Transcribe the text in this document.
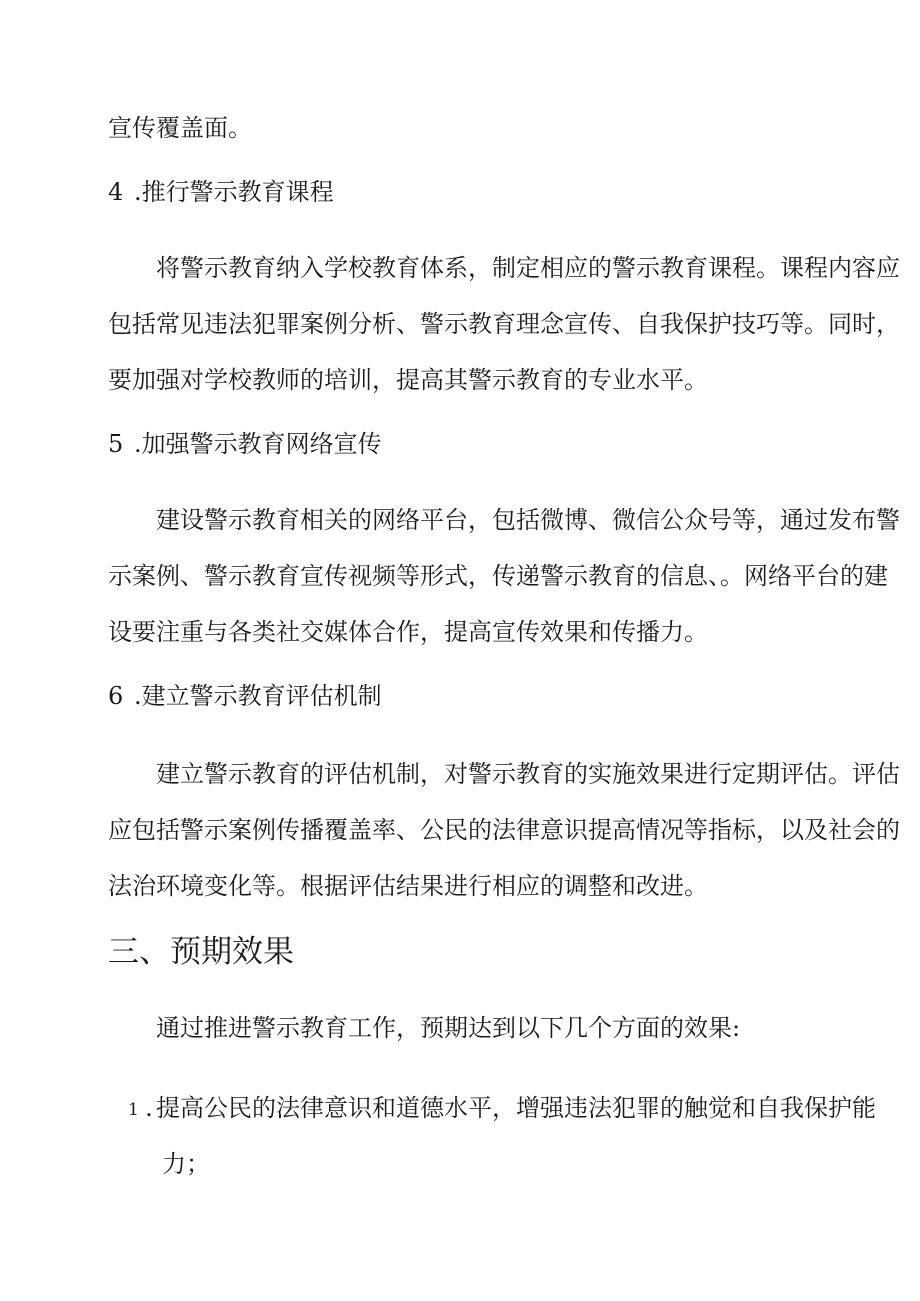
宣传覆盖面。

4 .推行警示教育课程

将警示教育纳入学校教育体系，制定相应的警示教育课程。课程内容应

包括常见违法犯罪案例分析、警示教育理念宣传、自我保护技巧等。同时，

要加强对学校教师的培训，提高其警示教育的专业水平。

5 .加强警示教育网络宣传

建设警示教育相关的网络平台，包括微博、微信公众号等，通过发布警

示案例、警示教育宣传视频等形式，传递警示教育的信息、。网络平台的建

设要注重与各类社交媒体合作，提高宣传效果和传播力。

6 .建立警示教育评估机制

建立警示教育的评估机制，对警示教育的实施效果进行定期评估。评估

应包括警示案例传播覆盖率、公民的法律意识提高情况等指标，以及社会的

法治环境变化等。根据评估结果进行相应的调整和改进。

三、预期效果

通过推进警示教育工作，预期达到以下几个方面的效果:

1 . 提高公民的法律意识和道德水平，增强违法犯罪的触觉和自我保护能

力；
